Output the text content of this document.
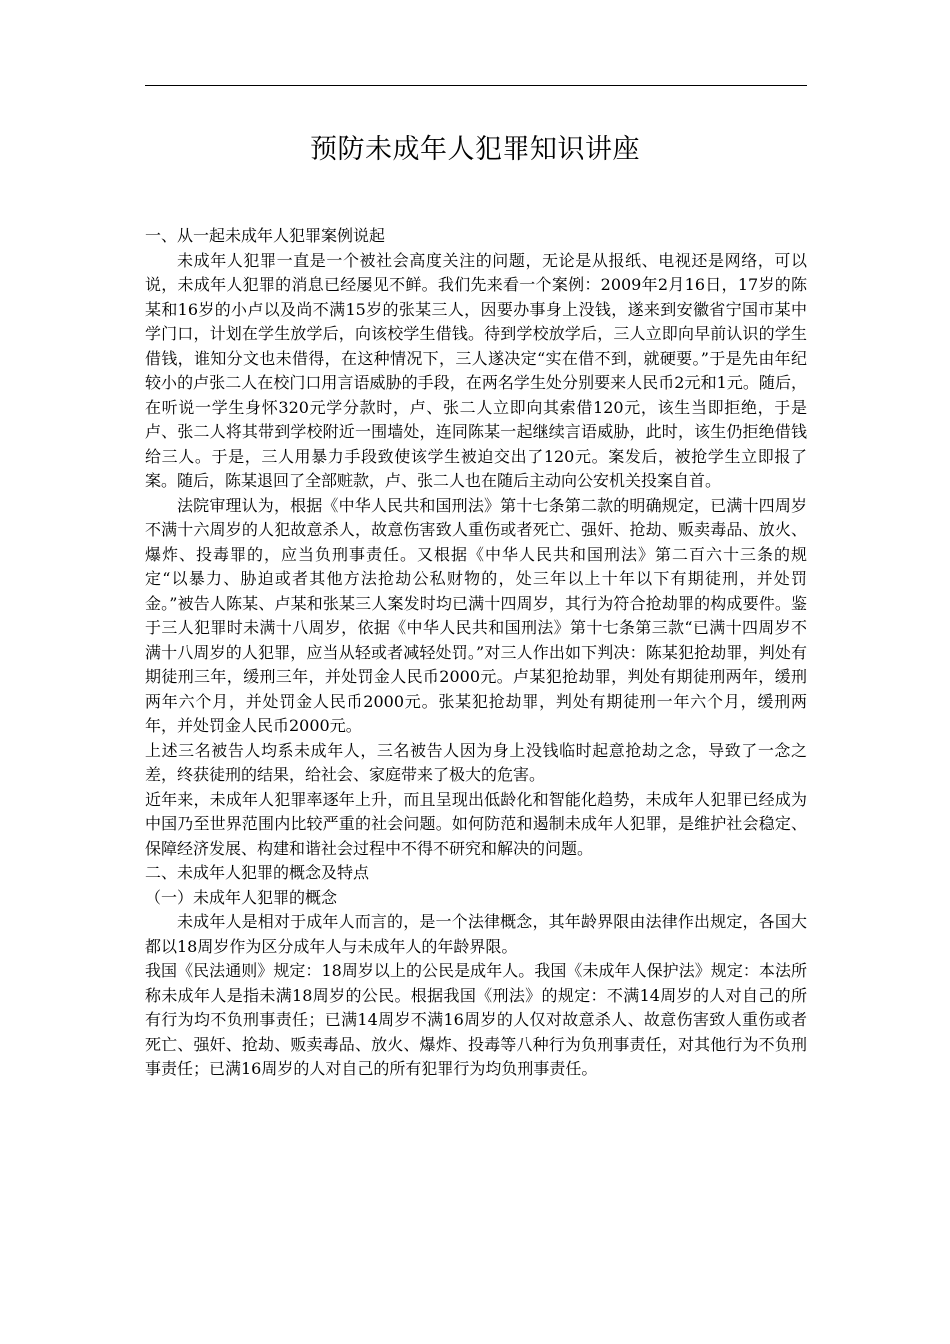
预防未成年人犯罪知识讲座

一、从一起未成年人犯罪案例说起

未成年人犯罪一直是一个被社会高度关注的问题，无论是从报纸、电视还是网络，可以说，未成年人犯罪的消息已经屡见不鲜。我们先来看一个案例：2009年2月16日，17岁的陈某和16岁的小卢以及尚不满15岁的张某三人，因要办事身上没钱，遂来到安徽省宁国市某中学门口，计划在学生放学后，向该校学生借钱。待到学校放学后，三人立即向早前认识的学生借钱，谁知分文也未借得，在这种情况下，三人遂决定“实在借不到，就硬要。”于是先由年纪较小的卢张二人在校门口用言语威胁的手段，在两名学生处分别要来人民币2元和1元。随后，在听说一学生身怀320元学分款时，卢、张二人立即向其索借120元，该生当即拒绝，于是卢、张二人将其带到学校附近一围墙处，连同陈某一起继续言语威胁，此时，该生仍拒绝借钱给三人。于是，三人用暴力手段致使该学生被迫交出了120元。案发后，被抢学生立即报了案。随后，陈某退回了全部赃款，卢、张二人也在随后主动向公安机关投案自首。

法院审理认为，根据《中华人民共和国刑法》第十七条第二款的明确规定，已满十四周岁不满十六周岁的人犯故意杀人，故意伤害致人重伤或者死亡、强奸、抢劫、贩卖毒品、放火、爆炸、投毒罪的，应当负刑事责任。又根据《中华人民共和国刑法》第二百六十三条的规定“以暴力、胁迫或者其他方法抢劫公私财物的，处三年以上十年以下有期徒刑，并处罚金。”被告人陈某、卢某和张某三人案发时均已满十四周岁，其行为符合抢劫罪的构成要件。鉴于三人犯罪时未满十八周岁，依据《中华人民共和国刑法》第十七条第三款“已满十四周岁不满十八周岁的人犯罪，应当从轻或者减轻处罚。”对三人作出如下判决：陈某犯抢劫罪，判处有期徒刑三年，缓刑三年，并处罚金人民币2000元。卢某犯抢劫罪，判处有期徒刑两年，缓刑两年六个月，并处罚金人民币2000元。张某犯抢劫罪，判处有期徒刑一年六个月，缓刑两年，并处罚金人民币2000元。

上述三名被告人均系未成年人，三名被告人因为身上没钱临时起意抢劫之念，导致了一念之差，终获徒刑的结果，给社会、家庭带来了极大的危害。

近年来，未成年人犯罪率逐年上升，而且呈现出低龄化和智能化趋势，未成年人犯罪已经成为中国乃至世界范围内比较严重的社会问题。如何防范和遏制未成年人犯罪，是维护社会稳定、保障经济发展、构建和谐社会过程中不得不研究和解决的问题。

二、未成年人犯罪的概念及特点

（一）未成年人犯罪的概念

未成年人是相对于成年人而言的，是一个法律概念，其年龄界限由法律作出规定，各国大都以18周岁作为区分成年人与未成年人的年龄界限。

我国《民法通则》规定：18周岁以上的公民是成年人。我国《未成年人保护法》规定：本法所称未成年人是指未满18周岁的公民。根据我国《刑法》的规定：不满14周岁的人对自己的所有行为均不负刑事责任；已满14周岁不满16周岁的人仅对故意杀人、故意伤害致人重伤或者死亡、强奸、抢劫、贩卖毒品、放火、爆炸、投毒等八种行为负刑事责任，对其他行为不负刑事责任；已满16周岁的人对自己的所有犯罪行为均负刑事责任。
